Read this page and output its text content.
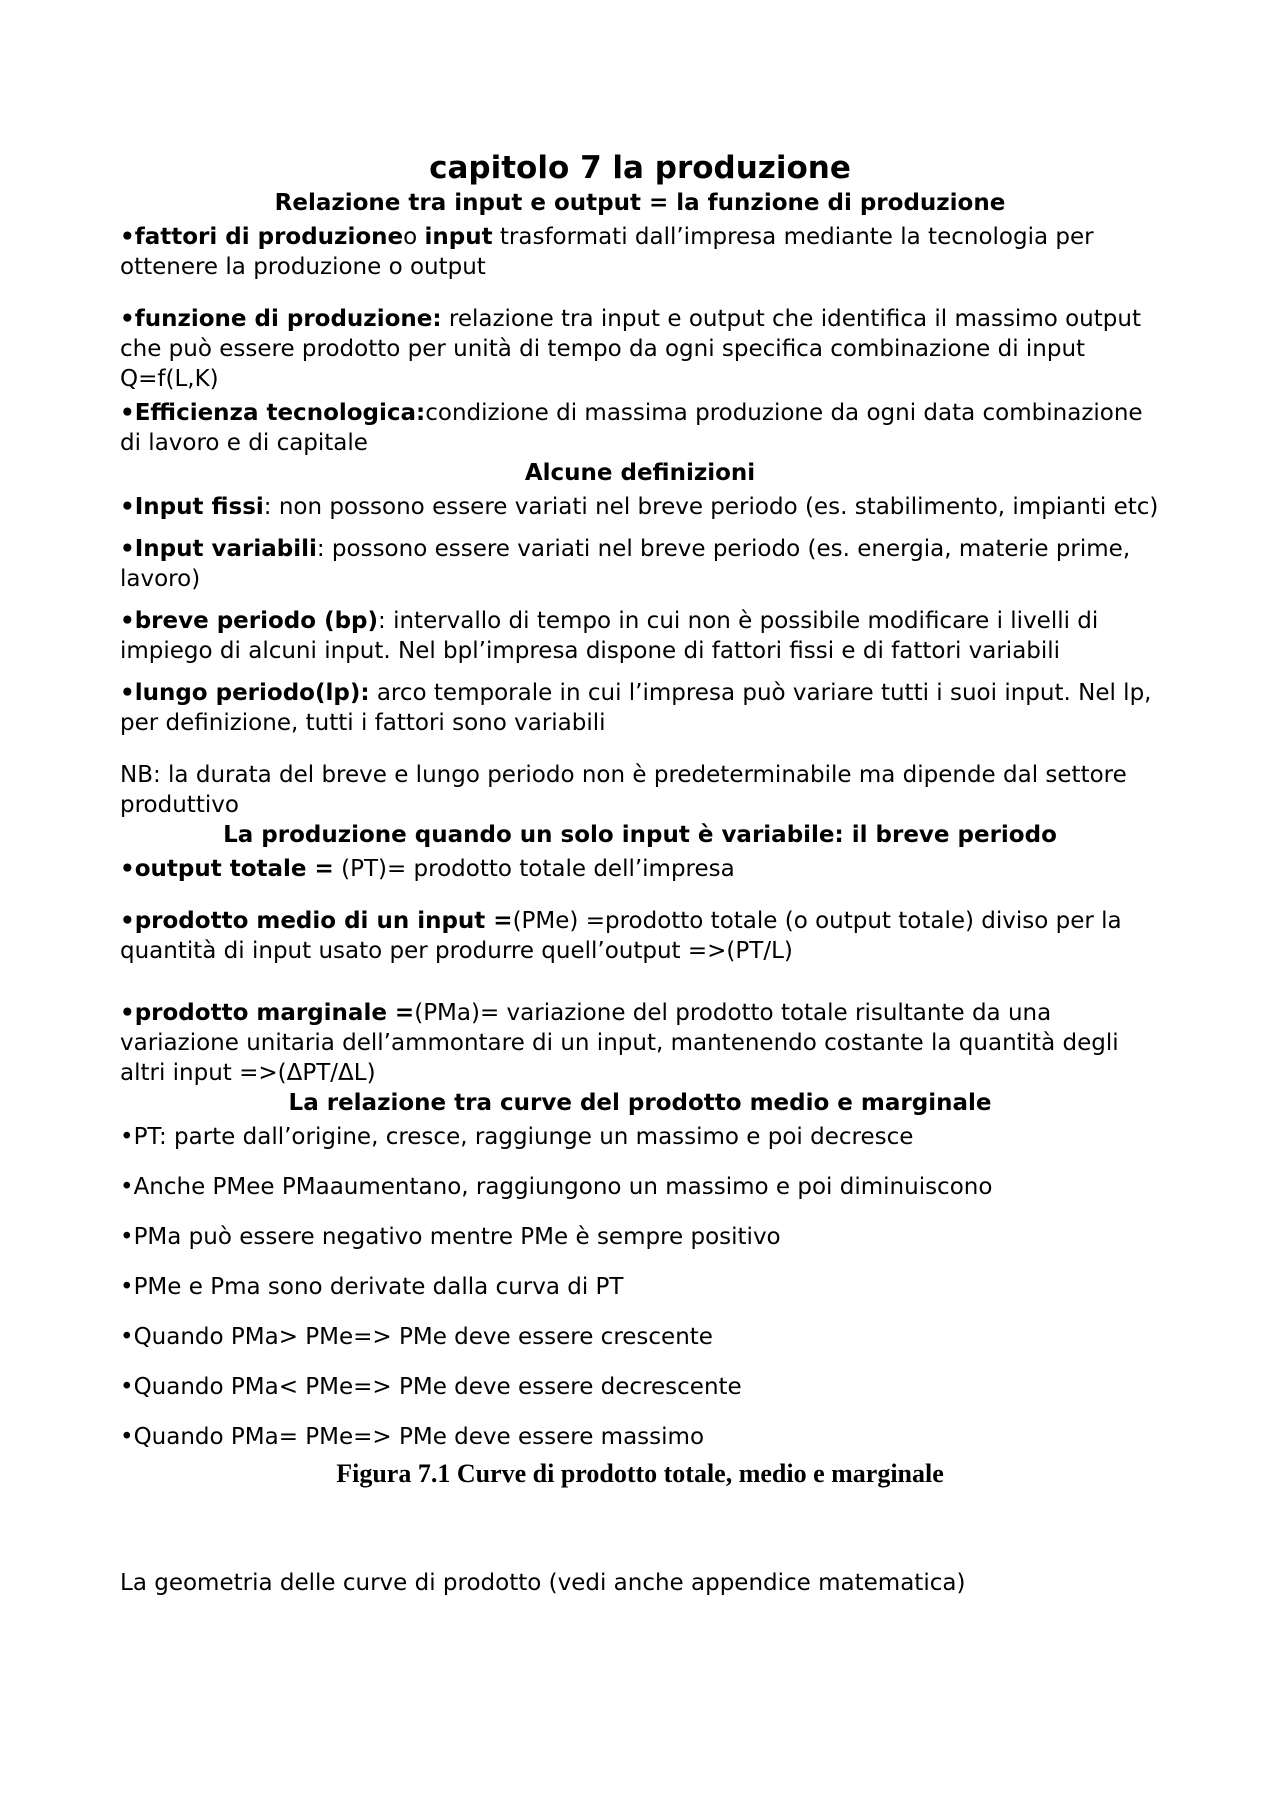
capitolo 7 la produzione

Relazione tra input e output = la funzione di produzione

•fattori di produzioneo input trasformati dall’impresa mediante la tecnologia per ottenere la produzione o output

•funzione di produzione: relazione tra input e output che identifica il massimo output che può essere prodotto per unità di tempo da ogni specifica combinazione di input

Q=f(L,K)

•Efficienza tecnologica:condizione di massima produzione da ogni data combinazione di lavoro e di capitale

Alcune definizioni

•Input fissi: non possono essere variati nel breve periodo (es. stabilimento, impianti etc)

•Input variabili: possono essere variati nel breve periodo (es. energia, materie prime, lavoro)

•breve periodo (bp): intervallo di tempo in cui non è possibile modificare i livelli di impiego di alcuni input. Nel bpl’impresa dispone di fattori fissi e di fattori variabili

•lungo periodo(lp): arco temporale in cui l’impresa può variare tutti i suoi input. Nel lp, per definizione, tutti i fattori sono variabili

NB: la durata del breve e lungo periodo non è predeterminabile ma dipende dal settore produttivo

La produzione quando un solo input è variabile: il breve periodo

•output totale = (PT)= prodotto totale dell’impresa

•prodotto medio di un input =(PMe) =prodotto totale (o output totale) diviso per la quantità di input usato per produrre quell’output =>(PT/L)

•prodotto marginale =(PMa)= variazione del prodotto totale risultante da una variazione unitaria dell’ammontare di un input, mantenendo costante la quantità degli altri input =>(ΔPT/ΔL)

La relazione tra curve del prodotto medio e marginale

•PT: parte dall’origine, cresce, raggiunge un massimo e poi decresce

•Anche PMee PMaaumentano, raggiungono un massimo e poi diminuiscono

•PMa può essere negativo mentre PMe è sempre positivo

•PMe e Pma sono derivate dalla curva di PT

•Quando PMa> PMe=> PMe deve essere crescente

•Quando PMa< PMe=> PMe deve essere decrescente

•Quando PMa= PMe=> PMe deve essere massimo

Figura 7.1 Curve di prodotto totale, medio e marginale

La geometria delle curve di prodotto (vedi anche appendice matematica)
